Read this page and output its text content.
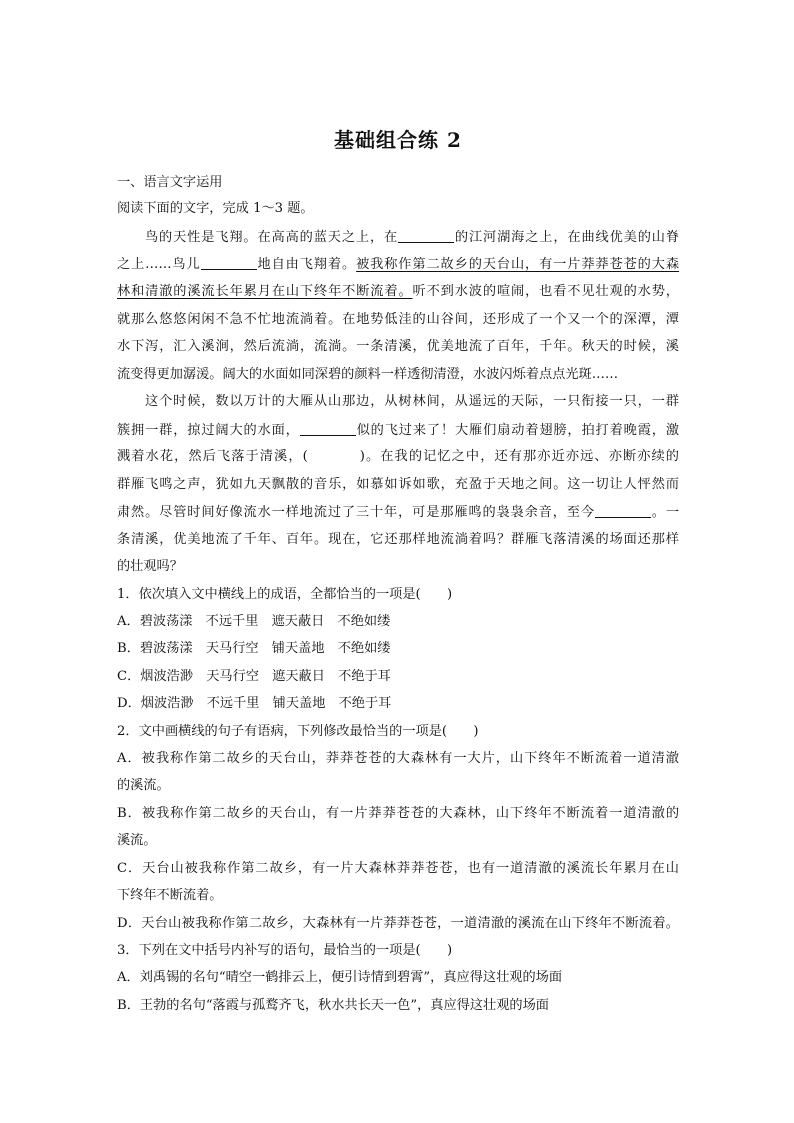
基础组合练 2
一、语言文字运用
阅读下面的文字，完成 1～3 题。
鸟的天性是飞翔。在高高的蓝天之上，在	的江河湖海之上，在曲线优美的山脊
之上……鸟儿	地自由飞翔着。被我称作第二故乡的天台山，有一片莽莽苍苍的大森
林和清澈的溪流长年累月在山下终年不断流着。听不到水波的喧闹，也看不见壮观的水势，
就那么悠悠闲闲不急不忙地流淌着。在地势低洼的山谷间，还形成了一个又一个的深潭，潭
水下泻，汇入溪涧，然后流淌，流淌。一条清溪，优美地流了百年，千年。秋天的时候，溪
流变得更加潺湲。阔大的水面如同深碧的颜料一样透彻清澄，水波闪烁着点点光斑……
这个时候，数以万计的大雁从山那边，从树林间，从遥远的天际，一只衔接一只，一群
簇拥一群，掠过阔大的水面，	似的飞过来了！大雁们扇动着翅膀，拍打着晚霞，激
溅着水花，然后飞落于清溪，(	)。在我的记忆之中，还有那亦近亦远、亦断亦续的
群雁飞鸣之声，犹如九天飘散的音乐，如慕如诉如歌，充盈于天地之间。这一切让人怦然而
肃然。尽管时间好像流水一样地流过了三十年，可是那雁鸣的袅袅余音，至今	。一
条清溪，优美地流了千年、百年。现在，它还那样地流淌着吗？群雁飞落清溪的场面还那样
的壮观吗？
1．依次填入文中横线上的成语，全都恰当的一项是(　　)
A．碧波荡漾　不远千里　遮天蔽日　不绝如缕
B．碧波荡漾　天马行空　铺天盖地　不绝如缕
C．烟波浩渺　天马行空　遮天蔽日　不绝于耳
D．烟波浩渺　不远千里　铺天盖地　不绝于耳
2．文中画横线的句子有语病，下列修改最恰当的一项是(　　)
A．被我称作第二故乡的天台山，莽莽苍苍的大森林有一大片，山下终年不断流着一道清澈
的溪流。
B．被我称作第二故乡的天台山，有一片莽莽苍苍的大森林，山下终年不断流着一道清澈的
溪流。
C．天台山被我称作第二故乡，有一片大森林莽莽苍苍，也有一道清澈的溪流长年累月在山
下终年不断流着。
D．天台山被我称作第二故乡，大森林有一片莽莽苍苍，一道清澈的溪流在山下终年不断流着。
3．下列在文中括号内补写的语句，最恰当的一项是(　　)
A．刘禹锡的名句“晴空一鹤排云上，便引诗情到碧霄”，真应得这壮观的场面
B．王勃的名句“落霞与孤鹜齐飞，秋水共长天一色”，真应得这壮观的场面
